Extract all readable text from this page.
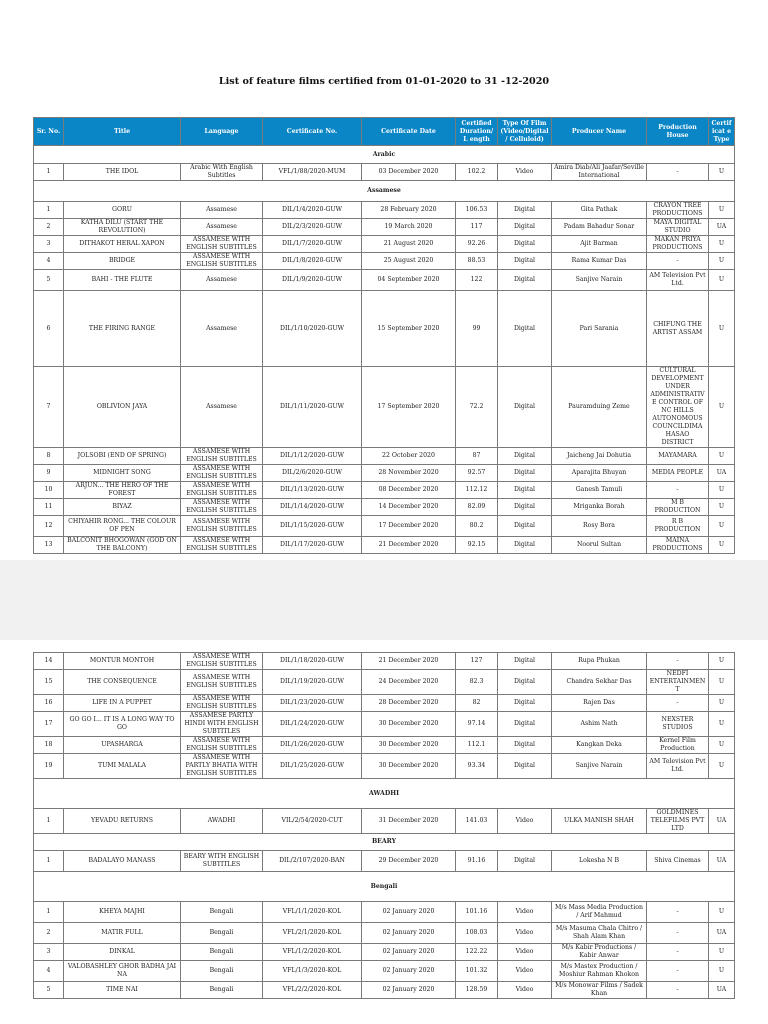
List of feature films certified from 01-01-2020 to 31 -12-2020
Sr. No.	Title	Language	Certificate No.	Certificate Date	Certified Duration/L ength	Type Of Film (Video/Digital/ Celluloid)	Producer Name	Production House	Certificat e Type
Arabic									
1	THE IDOL	Arabic With English Subtitles	VFL/1/88/2020-MUM	03 December 2020	102.2	Video	Amira Diab/Ali Jaafar/Seville International	-	U
Assamese									
1	GORU	Assamese	DIL/1/4/2020-GUW	28 February 2020	106.53	Digital	Gita Pathak	CRAYON TREE PRODUCTIONS	U
2	KATHA DILU (START THE REVOLUTION)	Assamese	DIL/2/3/2020-GUW	19 March 2020	117	Digital	Padam Bahadur Sonar	MAYA DIGITAL STUDIO	UA
3	DITHAKOT HERAL XAPON	ASSAMESE WITH ENGLISH SUBTITLES	DIL/1/7/2020-GUW	21 August 2020	92.26	Digital	Ajit Barman	MAKAN PRIYA PRODUCTIONS	U
4	BRIDGE	ASSAMESE WITH ENGLISH SUBTITLES	DIL/1/8/2020-GUW	25 August 2020	88.53	Digital	Rama Kumar Das	-	U
5	BAHI - THE FLUTE	Assamese	DIL/1/9/2020-GUW	04 September 2020	122	Digital	Sanjive Narain	AM Television Pvt Ltd.	U
6	THE FIRING RANGE	Assamese	DIL/1/10/2020-GUW	15 September 2020	99	Digital	Pari Sarania	CHIFUNG THE ARTIST ASSAM	U
7	OBLIVION JAYA	Assamese	DIL/1/11/2020-GUW	17 September 2020	72.2	Digital	Pauramduing Zeme	CULTURAL DEVELOPMENT UNDER ADMINISTRATIVE CONTROL OF NC HILLS AUTONOMOUS COUNCILDIMA HASAO DISTRICT	U
8	JOLSOBI (END OF SPRING)	ASSAMESE WITH ENGLISH SUBTITLES	DIL/1/12/2020-GUW	22 October 2020	87	Digital	Jaicheng Jai Dohutia	MAYAMARA	U
9	MIDNIGHT SONG	ASSAMESE WITH ENGLISH SUBTITLES	DIL/2/6/2020-GUW	28 November 2020	92.57	Digital	Aparajita Bhuyan	MEDIA PEOPLE	UA
10	ARJUN... THE HERO OF THE FOREST	ASSAMESE WITH ENGLISH SUBTITLES	DIL/1/13/2020-GUW	08 December 2020	112.12	Digital	Ganesh Tamuli	-	U
11	BIYAZ	ASSAMESE WITH ENGLISH SUBTITLES	DIL/1/14/2020-GUW	14 December 2020	82.09	Digital	Mriganka Borah	M B PRODUCTION	U
12	CHIYAHIR RONG... THE COLOUR OF PEN	ASSAMESE WITH ENGLISH SUBTITLES	DIL/1/15/2020-GUW	17 December 2020	80.2	Digital	Rosy Bora	R B PRODUCTION	U
13	BALCONIT BHOGOWAN (GOD ON THE BALCONY)	ASSAMESE WITH ENGLISH SUBTITLES	DIL/1/17/2020-GUW	21 December 2020	92.15	Digital	Noorul Sultan	MAINA PRODUCTIONS	U
14	MONTUR MONTOH	ASSAMESE WITH ENGLISH SUBTITLES	DIL/1/18/2020-GUW	21 December 2020	127	Digital	Rupa Phukan	-	U
15	THE CONSEQUENCE	ASSAMESE WITH ENGLISH SUBTITLES	DIL/1/19/2020-GUW	24 December 2020	82.3	Digital	Chandra Sekhar Das	NEDFI ENTERTAINMENT	U
16	LIFE IN A PUPPET	ASSAMESE WITH ENGLISH SUBTITLES	DIL/1/23/2020-GUW	28 December 2020	82	Digital	Rajen Das	-	U
17	GO GO I... IT IS A LONG WAY TO GO	ASSAMESE PARTLY HINDI WITH ENGLISH SUBTITLES	DIL/1/24/2020-GUW	30 December 2020	97.14	Digital	Ashim Nath	NEXSTER STUDIOS	U
18	UPASHARGA	ASSAMESE WITH ENGLISH SUBTITLES	DIL/1/26/2020-GUW	30 December 2020	112.1	Digital	Kangkan Deka	Kernel Film Production	U
19	TUMI MALALA	ASSAMESE WITH PARTLY BHATIA WITH ENGLISH SUBTITLES	DIL/1/25/2020-GUW	30 December 2020	93.34	Digital	Sanjive Narain	AM Television Pvt Ltd.	U
AWADHI									
1	YEVADU RETURNS	AWADHI	VIL/2/54/2020-CUT	31 December 2020	141.03	Video	ULKA MANISH SHAH	GOLDMINES TELEFILMS PVT LTD	UA
BEARY									
1	BADALAYO MANASS	BEARY WITH ENGLISH SUBTITLES	DIL/2/107/2020-BAN	29 December 2020	91.16	Digital	Lokesha N B	Shiva Cinemas	UA
Bengali									
1	KHEYA MAJHI	Bengali	VFL/1/1/2020-KOL	02 January 2020	101.16	Video	M/s Mass Media Production / Arif Mahmud	-	U
2	MATIR FULL	Bengali	VFL/2/1/2020-KOL	02 January 2020	108.03	Video	M/s Masuma Chala Chitro / Shah Alam Khan	-	UA
3	DINKAL	Bengali	VFL/1/2/2020-KOL	02 January 2020	122.22	Video	M/s Kabir Productions / Kabir Anwar	-	U
4	VALOBASHLEY GHOR BADHA JAI NA	Bengali	VFL/1/3/2020-KOL	02 January 2020	101.32	Video	M/s Mastex Production / Moshiur Rahman Khokon	-	U
5	TIME NAI	Bengali	VFL/2/2/2020-KOL	02 January 2020	128.59	Video	M/s Monowar Films / Sadek Khan	-	UA
